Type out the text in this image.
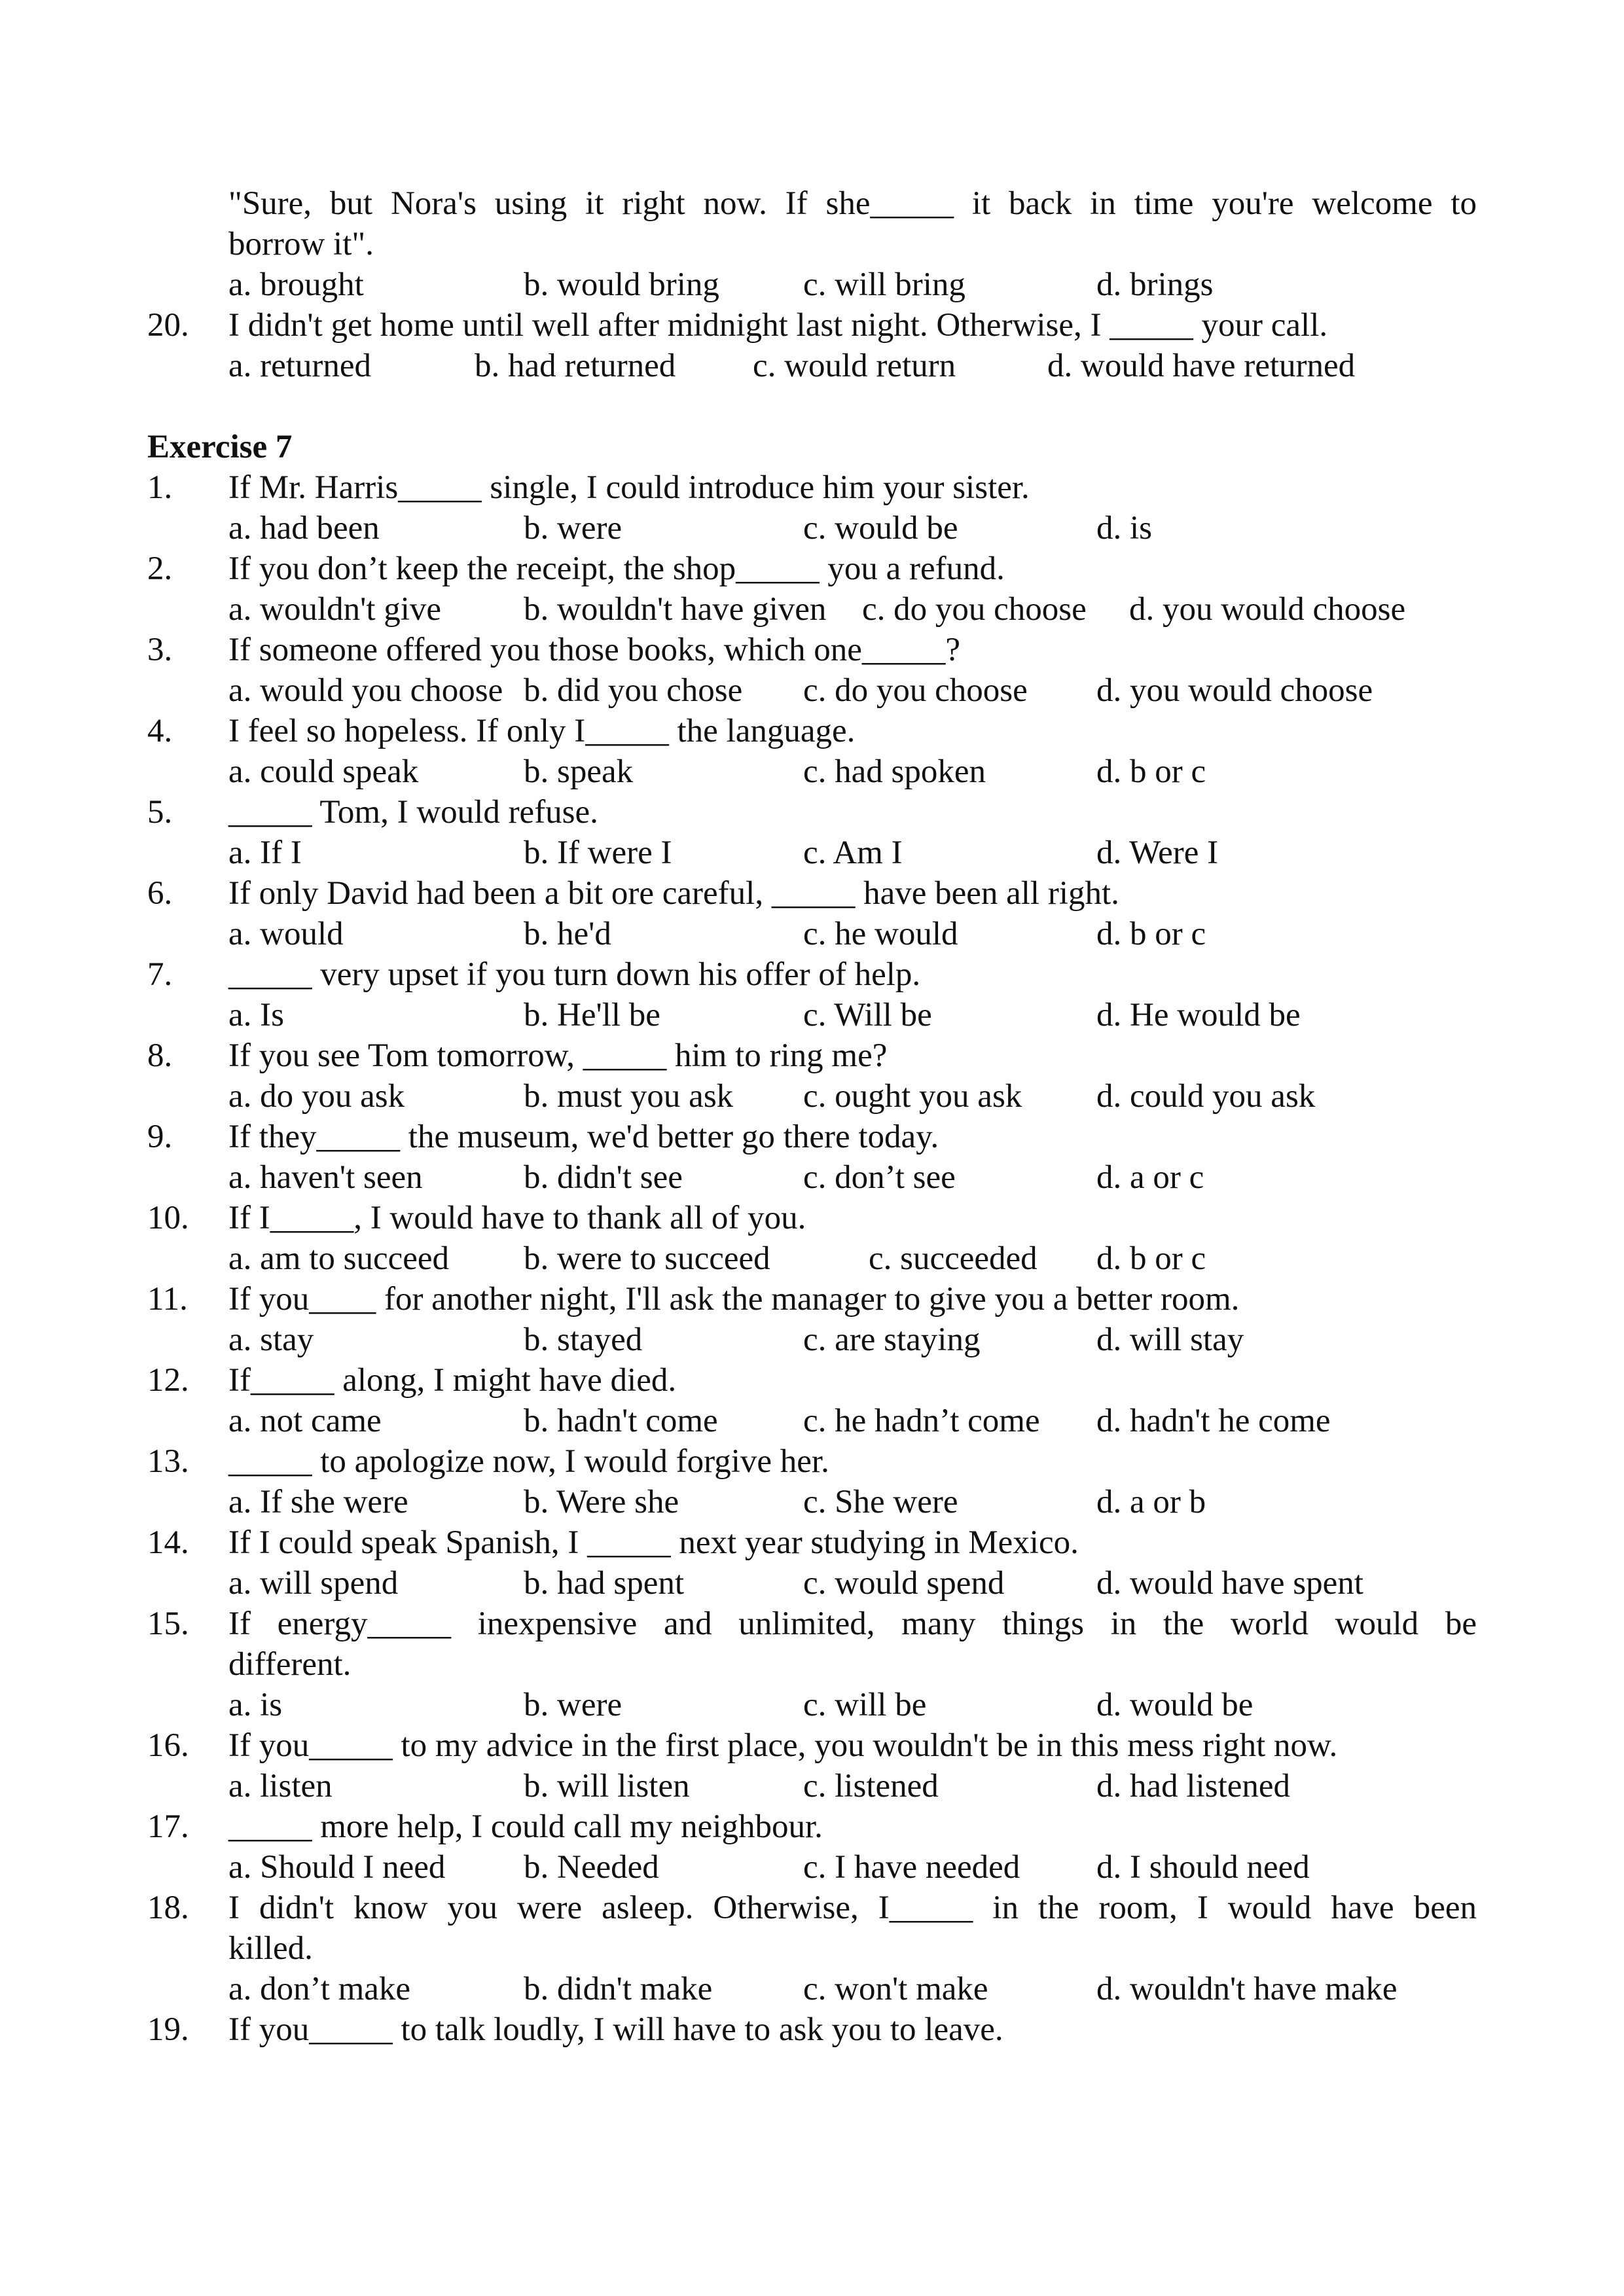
"Sure, but Nora's using it right now. If she_____ it back in time you're welcome to
borrow it".
a. brought	b. would bring	c. will bring	d. brings
20. I didn't get home until well after midnight last night. Otherwise, I _____ your call.
a. returned	b. had returned c. would return	d. would have returned
Exercise 7
1. If Mr. Harris_____ single, I could introduce him your sister.
a. had been	b. were	c. would be	d. is
2. If you don’t keep the receipt, the shop_____ you a refund.
a. wouldn't give b. wouldn't have given c. do you choose d. you would choose
3. If someone offered you those books, which one_____?
a. would you choose b. did you chose c. do you choose d. you would choose
4. I feel so hopeless. If only I_____ the language.
a. could speak	b. speak	c. had spoken	d. b or c
5. _____ Tom, I would refuse.
a. If I	b. If were I	c. Am I	d. Were I
6. If only David had been a bit ore careful, _____ have been all right.
a. would	b. he'd	c. he would	d. b or c
7. _____ very upset if you turn down his offer of help.
a. Is	b. He'll be	c. Will be	d. He would be
8. If you see Tom tomorrow, _____ him to ring me?
a. do you ask	b. must you ask c. ought you ask d. could you ask
9. If they_____ the museum, we'd better go there today.
a. haven't seen	b. didn't see	c. don’t see	d. a or c
10. If I_____, I would have to thank all of you.
a. am to succeed b. were to succeed	c. succeeded d. b or c
11. If you____ for another night, I'll ask the manager to give you a better room.
a. stay	b. stayed	c. are staying	d. will stay
12. If_____ along, I might have died.
a. not came	b. hadn't come	c. he hadn’t come d. hadn't he come
13. _____ to apologize now, I would forgive her.
a. If she were	b. Were she	c. She were	d. a or b
14. If I could speak Spanish, I _____ next year studying in Mexico.
a. will spend	b. had spent	c. would spend	d. would have spent
15. If energy_____ inexpensive and unlimited, many things in the world would be
different.
a. is	b. were	c. will be	d. would be
16. If you_____ to my advice in the first place, you wouldn't be in this mess right now.
a. listen	b. will listen	c. listened	d. had listened
17. _____ more help, I could call my neighbour.
a. Should I need b. Needed	c. I have needed d. I should need
18. I didn't know you were asleep. Otherwise, I_____ in the room, I would have been
killed.
a. don’t make	b. didn't make	c. won't make	d. wouldn't have make
19. If you_____ to talk loudly, I will have to ask you to leave.
